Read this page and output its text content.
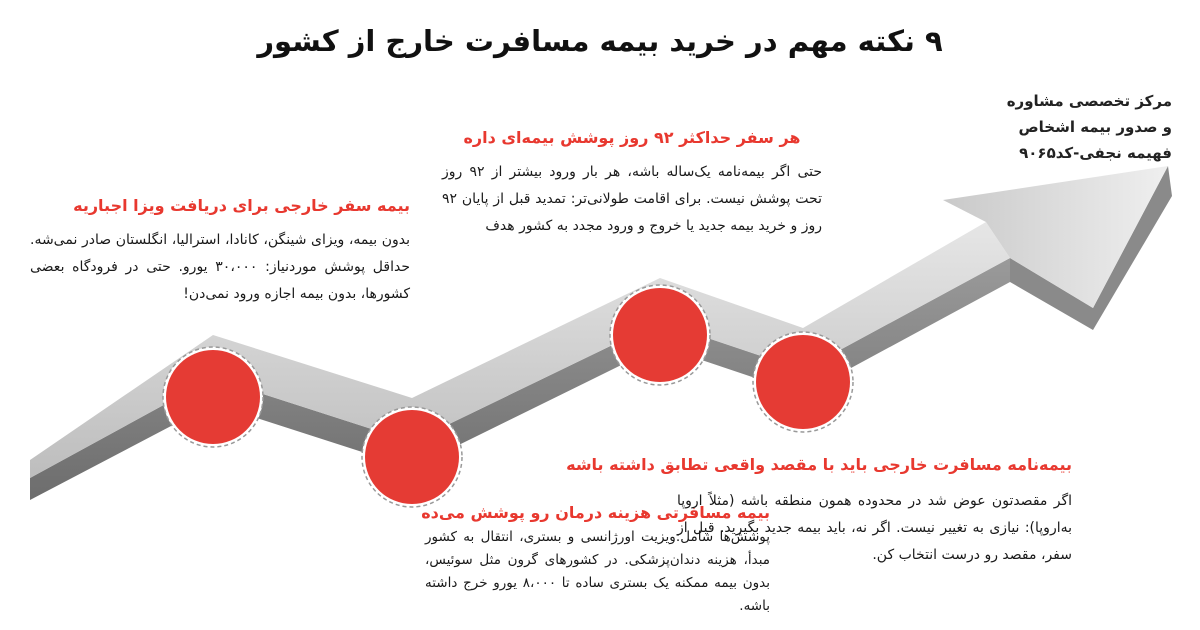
۹ نکته مهم در خرید بیمه مسافرت خارج از کشور
مرکز تخصصی مشاوره
و صدور بیمه اشخاص
فهیمه نجفی-کد۹۰۶۵
بیمه سفر خارجی برای دریافت ویزا اجباریه
بدون بیمه، ویزای شینگن، کانادا، استرالیا، انگلستان صادر نمی‌شه. حداقل پوشش موردنیاز: ۳۰،۰۰۰ یورو. حتی در فرودگاه بعضی کشورها، بدون بیمه اجازه ورود نمی‌دن!
هر سفر حداکثر ۹۲ روز پوشش بیمه‌ای داره
حتی اگر بیمه‌نامه یک‌ساله باشه، هر بار ورود بیشتر از ۹۲ روز تحت پوشش نیست. برای اقامت طولانی‌تر: تمدید قبل از پایان ۹۲ روز و خرید بیمه جدید یا خروج و ورود مجدد به کشور هدف
بیمه مسافرتی هزینه درمان رو پوشش می‌ده
پوشش‌ها شامل:ویزیت اورژانسی و بستری، انتقال به کشور مبدأ، هزینه دندان‌پزشکی. در کشورهای گرون مثل سوئیس، بدون بیمه ممکنه یک بستری ساده تا ۸،۰۰۰ یورو خرج داشته باشه.
بیمه‌نامه مسافرت خارجی باید با مقصد واقعی تطابق داشته باشه
اگر مقصدتون عوض شد در محدوده همون منطقه باشه (مثلاً اروپا به‌اروپا): نیازی به تغییر نیست. اگر نه، باید بیمه جدید بگیرید. قبل از سفر، مقصد رو درست انتخاب کن.
